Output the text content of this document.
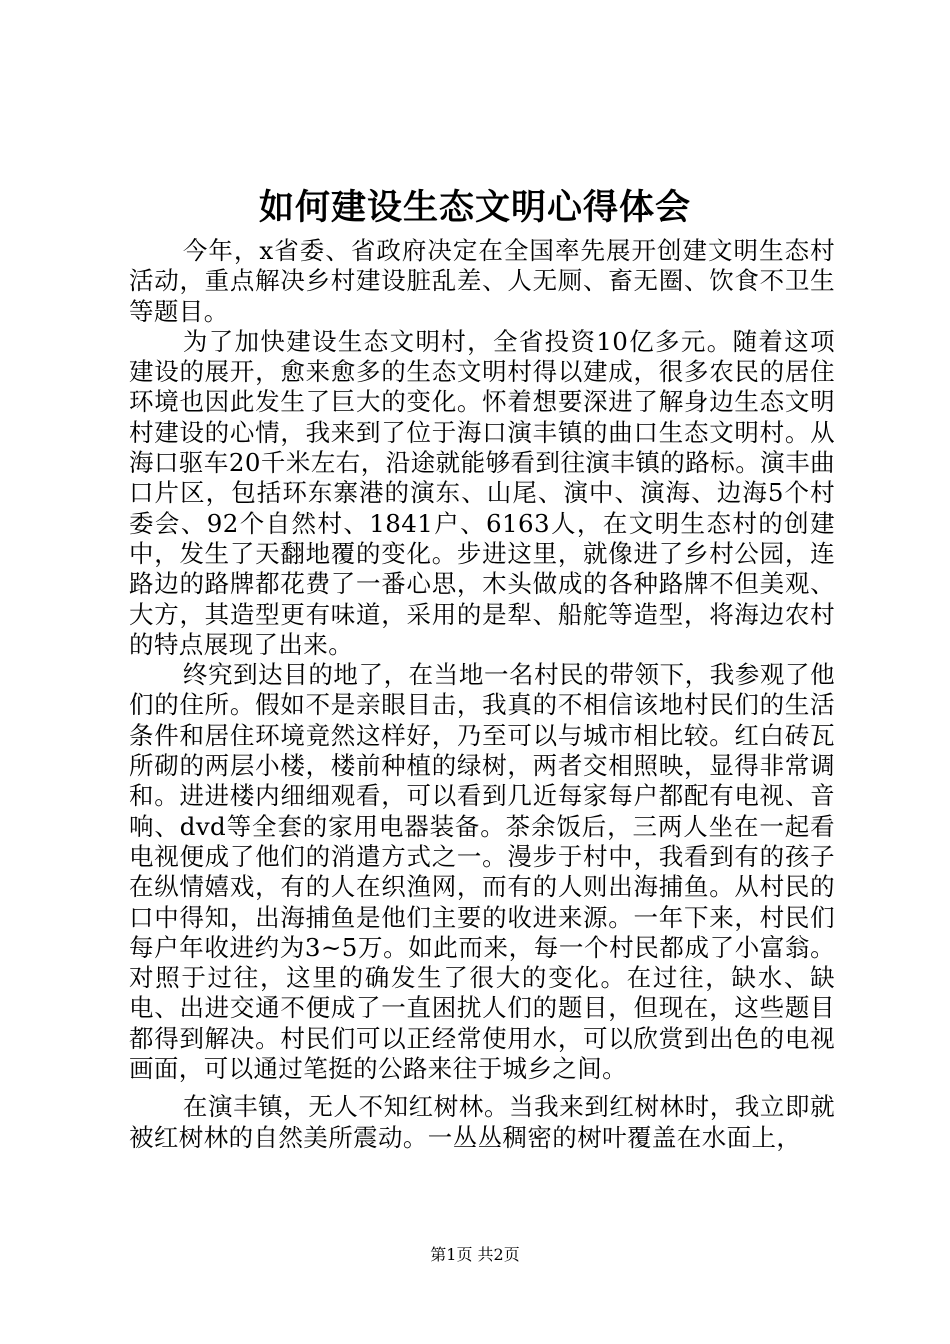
如何建设生态文明心得体会

今年，x省委、省政府决定在全国率先展开创建文明生态村活动，重点解决乡村建设脏乱差、人无厕、畜无圈、饮食不卫生等题目。

为了加快建设生态文明村，全省投资10亿多元。随着这项建设的展开，愈来愈多的生态文明村得以建成，很多农民的居住环境也因此发生了巨大的变化。怀着想要深进了解身边生态文明村建设的心情，我来到了位于海口演丰镇的曲口生态文明村。从海口驱车20千米左右，沿途就能够看到往演丰镇的路标。演丰曲口片区，包括环东寨港的演东、山尾、演中、演海、边海5个村委会、92个自然村、1841户、6163人，在文明生态村的创建中，发生了天翻地覆的变化。步进这里，就像进了乡村公园，连路边的路牌都花费了一番心思，木头做成的各种路牌不但美观、大方，其造型更有味道，采用的是犁、船舵等造型，将海边农村的特点展现了出来。

终究到达目的地了，在当地一名村民的带领下，我参观了他们的住所。假如不是亲眼目击，我真的不相信该地村民们的生活条件和居住环境竟然这样好，乃至可以与城市相比较。红白砖瓦所砌的两层小楼，楼前种植的绿树，两者交相照映，显得非常调和。进进楼内细细观看，可以看到几近每家每户都配有电视、音响、dvd等全套的家用电器装备。茶余饭后，三两人坐在一起看电视便成了他们的消遣方式之一。漫步于村中，我看到有的孩子在纵情嬉戏，有的人在织渔网，而有的人则出海捕鱼。从村民的口中得知，出海捕鱼是他们主要的收进来源。一年下来，村民们每户年收进约为3~5万。如此而来，每一个村民都成了小富翁。对照于过往，这里的确发生了很大的变化。在过往，缺水、缺电、出进交通不便成了一直困扰人们的题目，但现在，这些题目都得到解决。村民们可以正经常使用水，可以欣赏到出色的电视画面，可以通过笔挺的公路来往于城乡之间。

在演丰镇，无人不知红树林。当我来到红树林时，我立即就被红树林的自然美所震动。一丛丛稠密的树叶覆盖在水面上，

第1页 共2页
